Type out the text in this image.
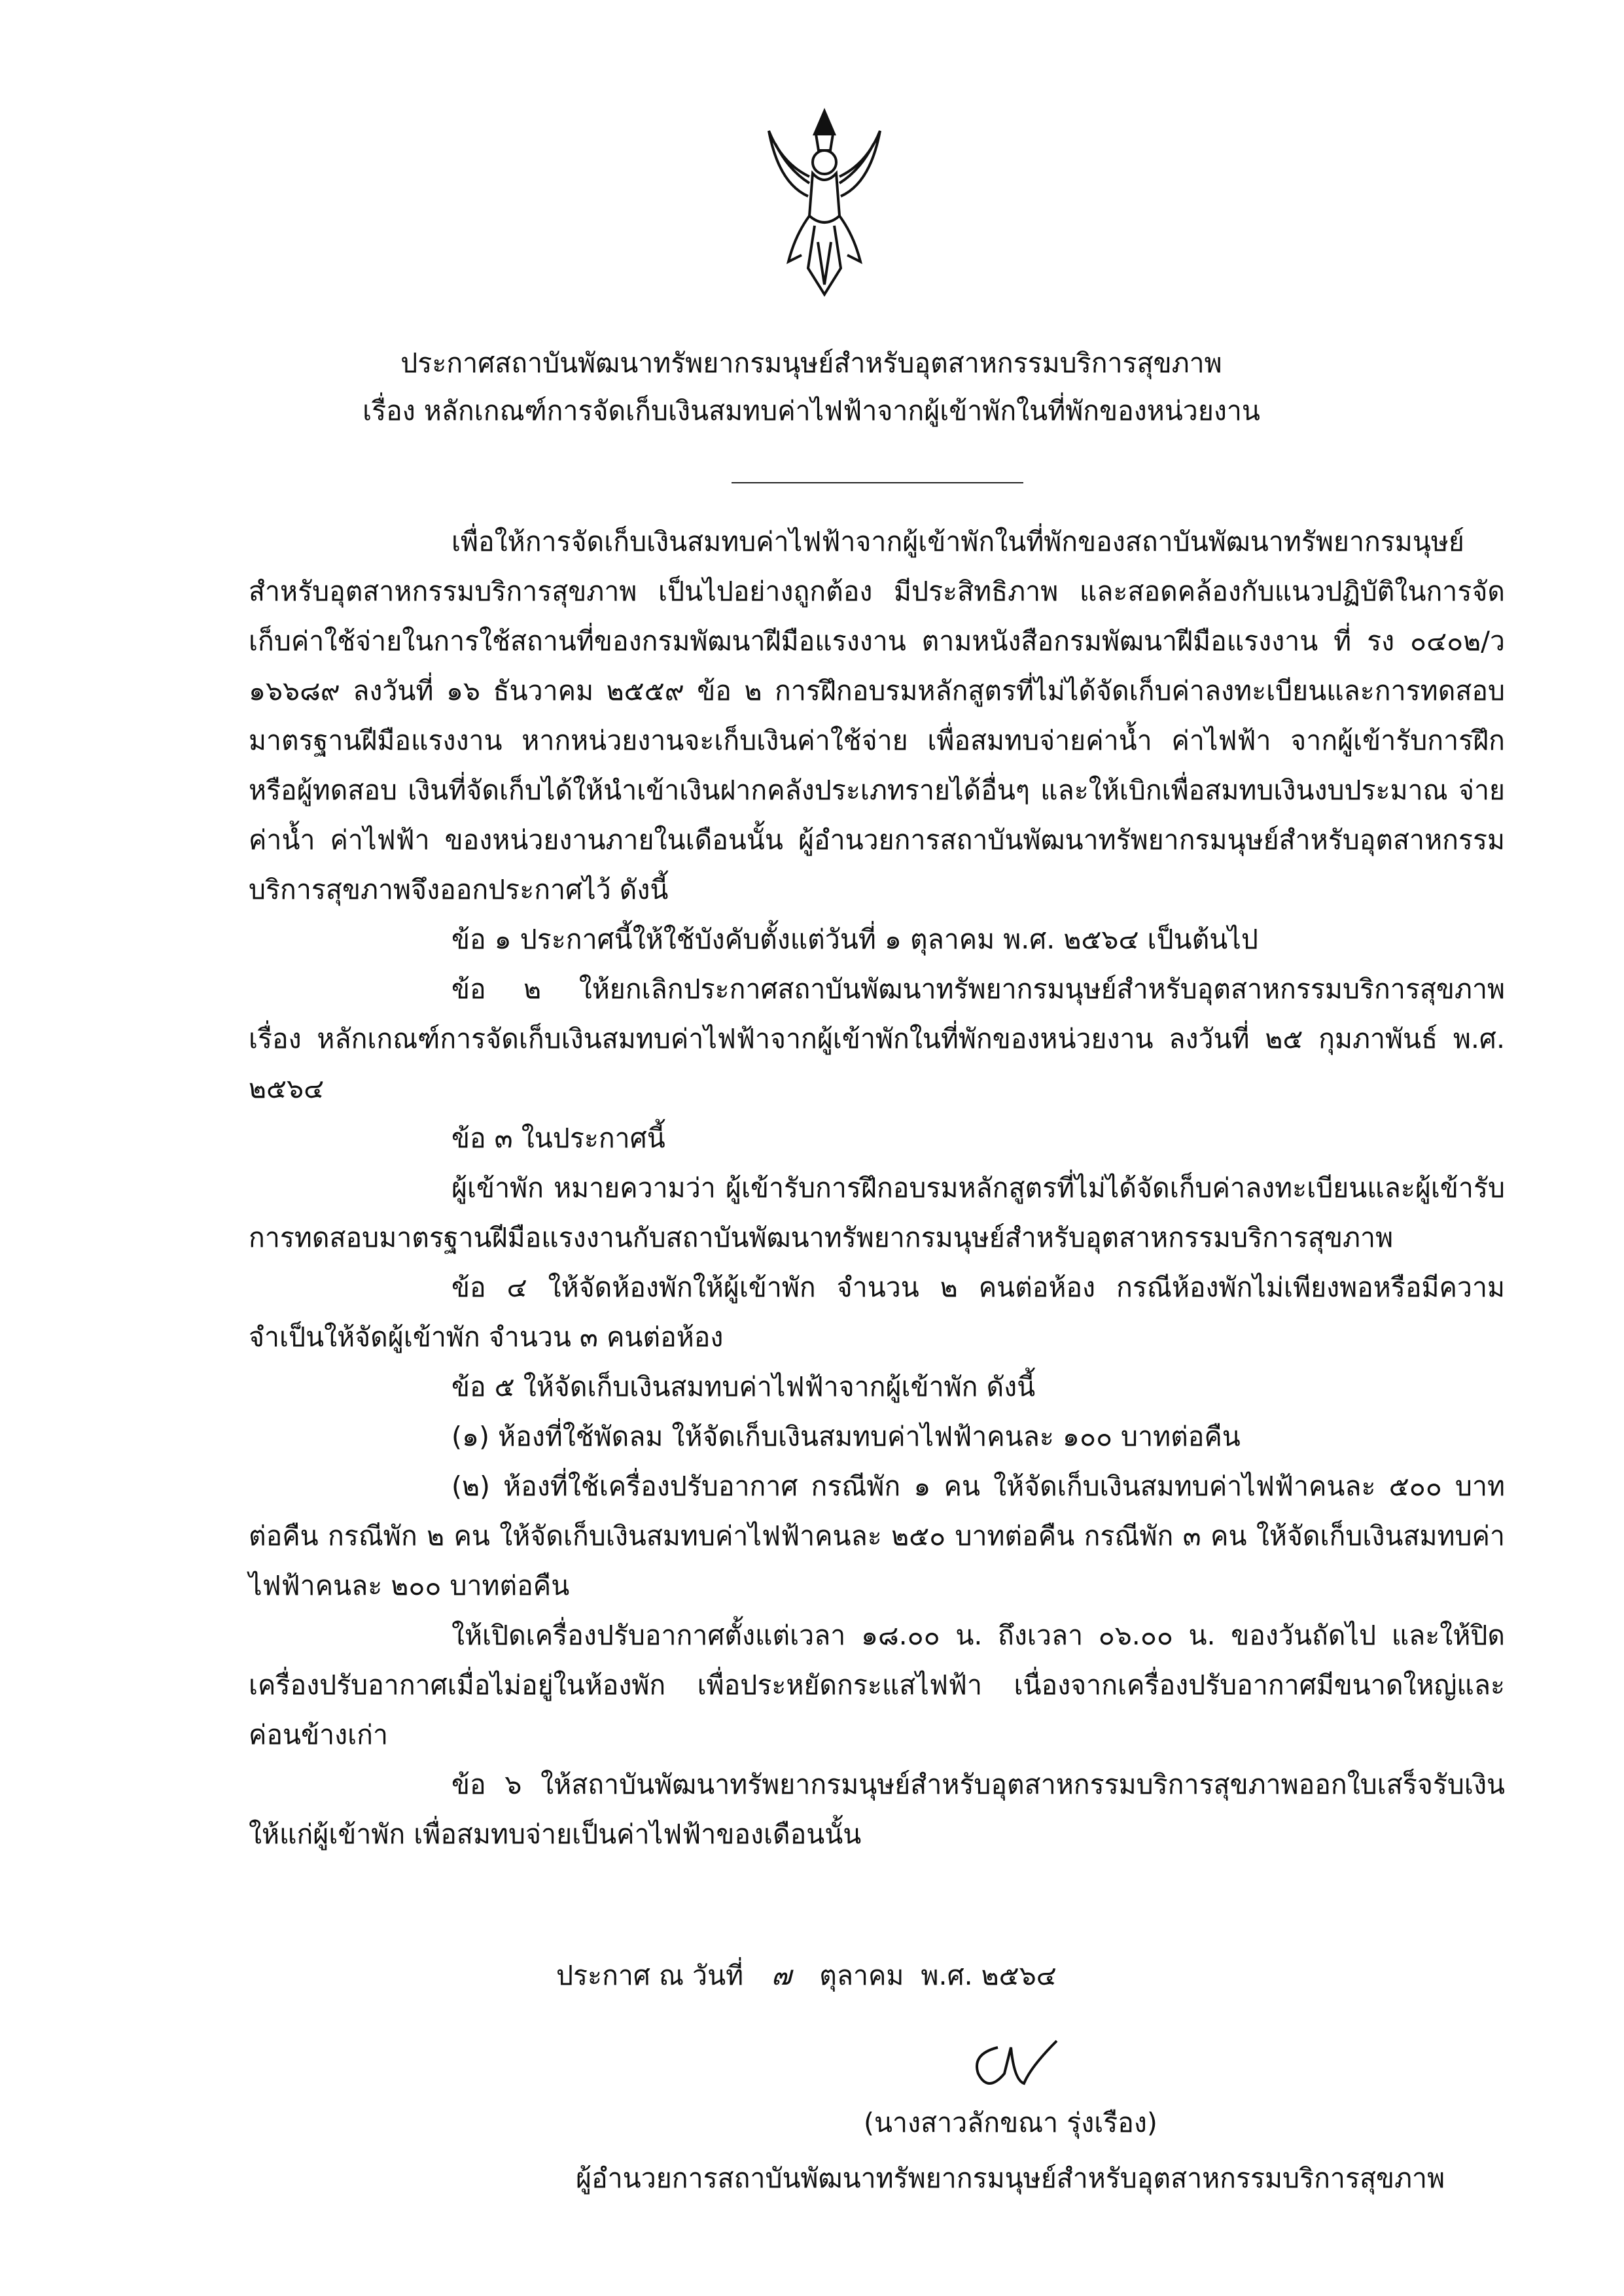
ประกาศสถาบันพัฒนาทรัพยากรมนุษย์สำหรับอุตสาหกรรมบริการสุขภาพ
เรื่อง หลักเกณฑ์การจัดเก็บเงินสมทบค่าไฟฟ้าจากผู้เข้าพักในที่พักของหน่วยงาน

เพื่อให้การจัดเก็บเงินสมทบค่าไฟฟ้าจากผู้เข้าพักในที่พักของสถาบันพัฒนาทรัพยากรมนุษย์สำหรับอุตสาหกรรมบริการสุขภาพ เป็นไปอย่างถูกต้อง มีประสิทธิภาพ และสอดคล้องกับแนวปฏิบัติในการจัดเก็บค่าใช้จ่ายในการใช้สถานที่ของกรมพัฒนาฝีมือแรงงาน ตามหนังสือกรมพัฒนาฝีมือแรงงาน ที่ รง ๐๔๐๒/ว ๑๖๖๘๙ ลงวันที่ ๑๖ ธันวาคม ๒๕๕๙ ข้อ ๒ การฝึกอบรมหลักสูตรที่ไม่ได้จัดเก็บค่าลงทะเบียนและการทดสอบมาตรฐานฝีมือแรงงาน หากหน่วยงานจะเก็บเงินค่าใช้จ่าย เพื่อสมทบจ่ายค่าน้ำ ค่าไฟฟ้า จากผู้เข้ารับการฝึกหรือผู้ทดสอบ เงินที่จัดเก็บได้ให้นำเข้าเงินฝากคลังประเภทรายได้อื่นๆ และให้เบิกเพื่อสมทบเงินงบประมาณ จ่ายค่าน้ำ ค่าไฟฟ้า ของหน่วยงานภายในเดือนนั้น ผู้อำนวยการสถาบันพัฒนาทรัพยากรมนุษย์สำหรับอุตสาหกรรมบริการสุขภาพจึงออกประกาศไว้ ดังนี้

ข้อ ๑ ประกาศนี้ให้ใช้บังคับตั้งแต่วันที่ ๑ ตุลาคม พ.ศ. ๒๕๖๔ เป็นต้นไป

ข้อ ๒ ให้ยกเลิกประกาศสถาบันพัฒนาทรัพยากรมนุษย์สำหรับอุตสาหกรรมบริการสุขภาพ เรื่อง หลักเกณฑ์การจัดเก็บเงินสมทบค่าไฟฟ้าจากผู้เข้าพักในที่พักของหน่วยงาน ลงวันที่ ๒๕ กุมภาพันธ์ พ.ศ. ๒๕๖๔

ข้อ ๓ ในประกาศนี้

ผู้เข้าพัก หมายความว่า ผู้เข้ารับการฝึกอบรมหลักสูตรที่ไม่ได้จัดเก็บค่าลงทะเบียนและผู้เข้ารับการทดสอบมาตรฐานฝีมือแรงงานกับสถาบันพัฒนาทรัพยากรมนุษย์สำหรับอุตสาหกรรมบริการสุขภาพ

ข้อ ๔ ให้จัดห้องพักให้ผู้เข้าพัก จำนวน ๒ คนต่อห้อง กรณีห้องพักไม่เพียงพอหรือมีความจำเป็นให้จัดผู้เข้าพัก จำนวน ๓ คนต่อห้อง

ข้อ ๕ ให้จัดเก็บเงินสมทบค่าไฟฟ้าจากผู้เข้าพัก ดังนี้

(๑) ห้องที่ใช้พัดลม ให้จัดเก็บเงินสมทบค่าไฟฟ้าคนละ ๑๐๐ บาทต่อคืน

(๒) ห้องที่ใช้เครื่องปรับอากาศ กรณีพัก ๑ คน ให้จัดเก็บเงินสมทบค่าไฟฟ้าคนละ ๕๐๐ บาทต่อคืน กรณีพัก ๒ คน ให้จัดเก็บเงินสมทบค่าไฟฟ้าคนละ ๒๕๐ บาทต่อคืน กรณีพัก ๓ คน ให้จัดเก็บเงินสมทบค่าไฟฟ้าคนละ ๒๐๐ บาทต่อคืน

ให้เปิดเครื่องปรับอากาศตั้งแต่เวลา ๑๘.๐๐ น. ถึงเวลา ๐๖.๐๐ น. ของวันถัดไป และให้ปิดเครื่องปรับอากาศเมื่อไม่อยู่ในห้องพัก เพื่อประหยัดกระแสไฟฟ้า เนื่องจากเครื่องปรับอากาศมีขนาดใหญ่และค่อนข้างเก่า

ข้อ ๖ ให้สถาบันพัฒนาทรัพยากรมนุษย์สำหรับอุตสาหกรรมบริการสุขภาพออกใบเสร็จรับเงินให้แก่ผู้เข้าพัก เพื่อสมทบจ่ายเป็นค่าไฟฟ้าของเดือนนั้น

ประกาศ ณ วันที่ ๗ ตุลาคม  พ.ศ. ๒๕๖๔
(นางสาวลักขณา รุ่งเรือง)
ผู้อำนวยการสถาบันพัฒนาทรัพยากรมนุษย์สำหรับอุตสาหกรรมบริการสุขภาพ
